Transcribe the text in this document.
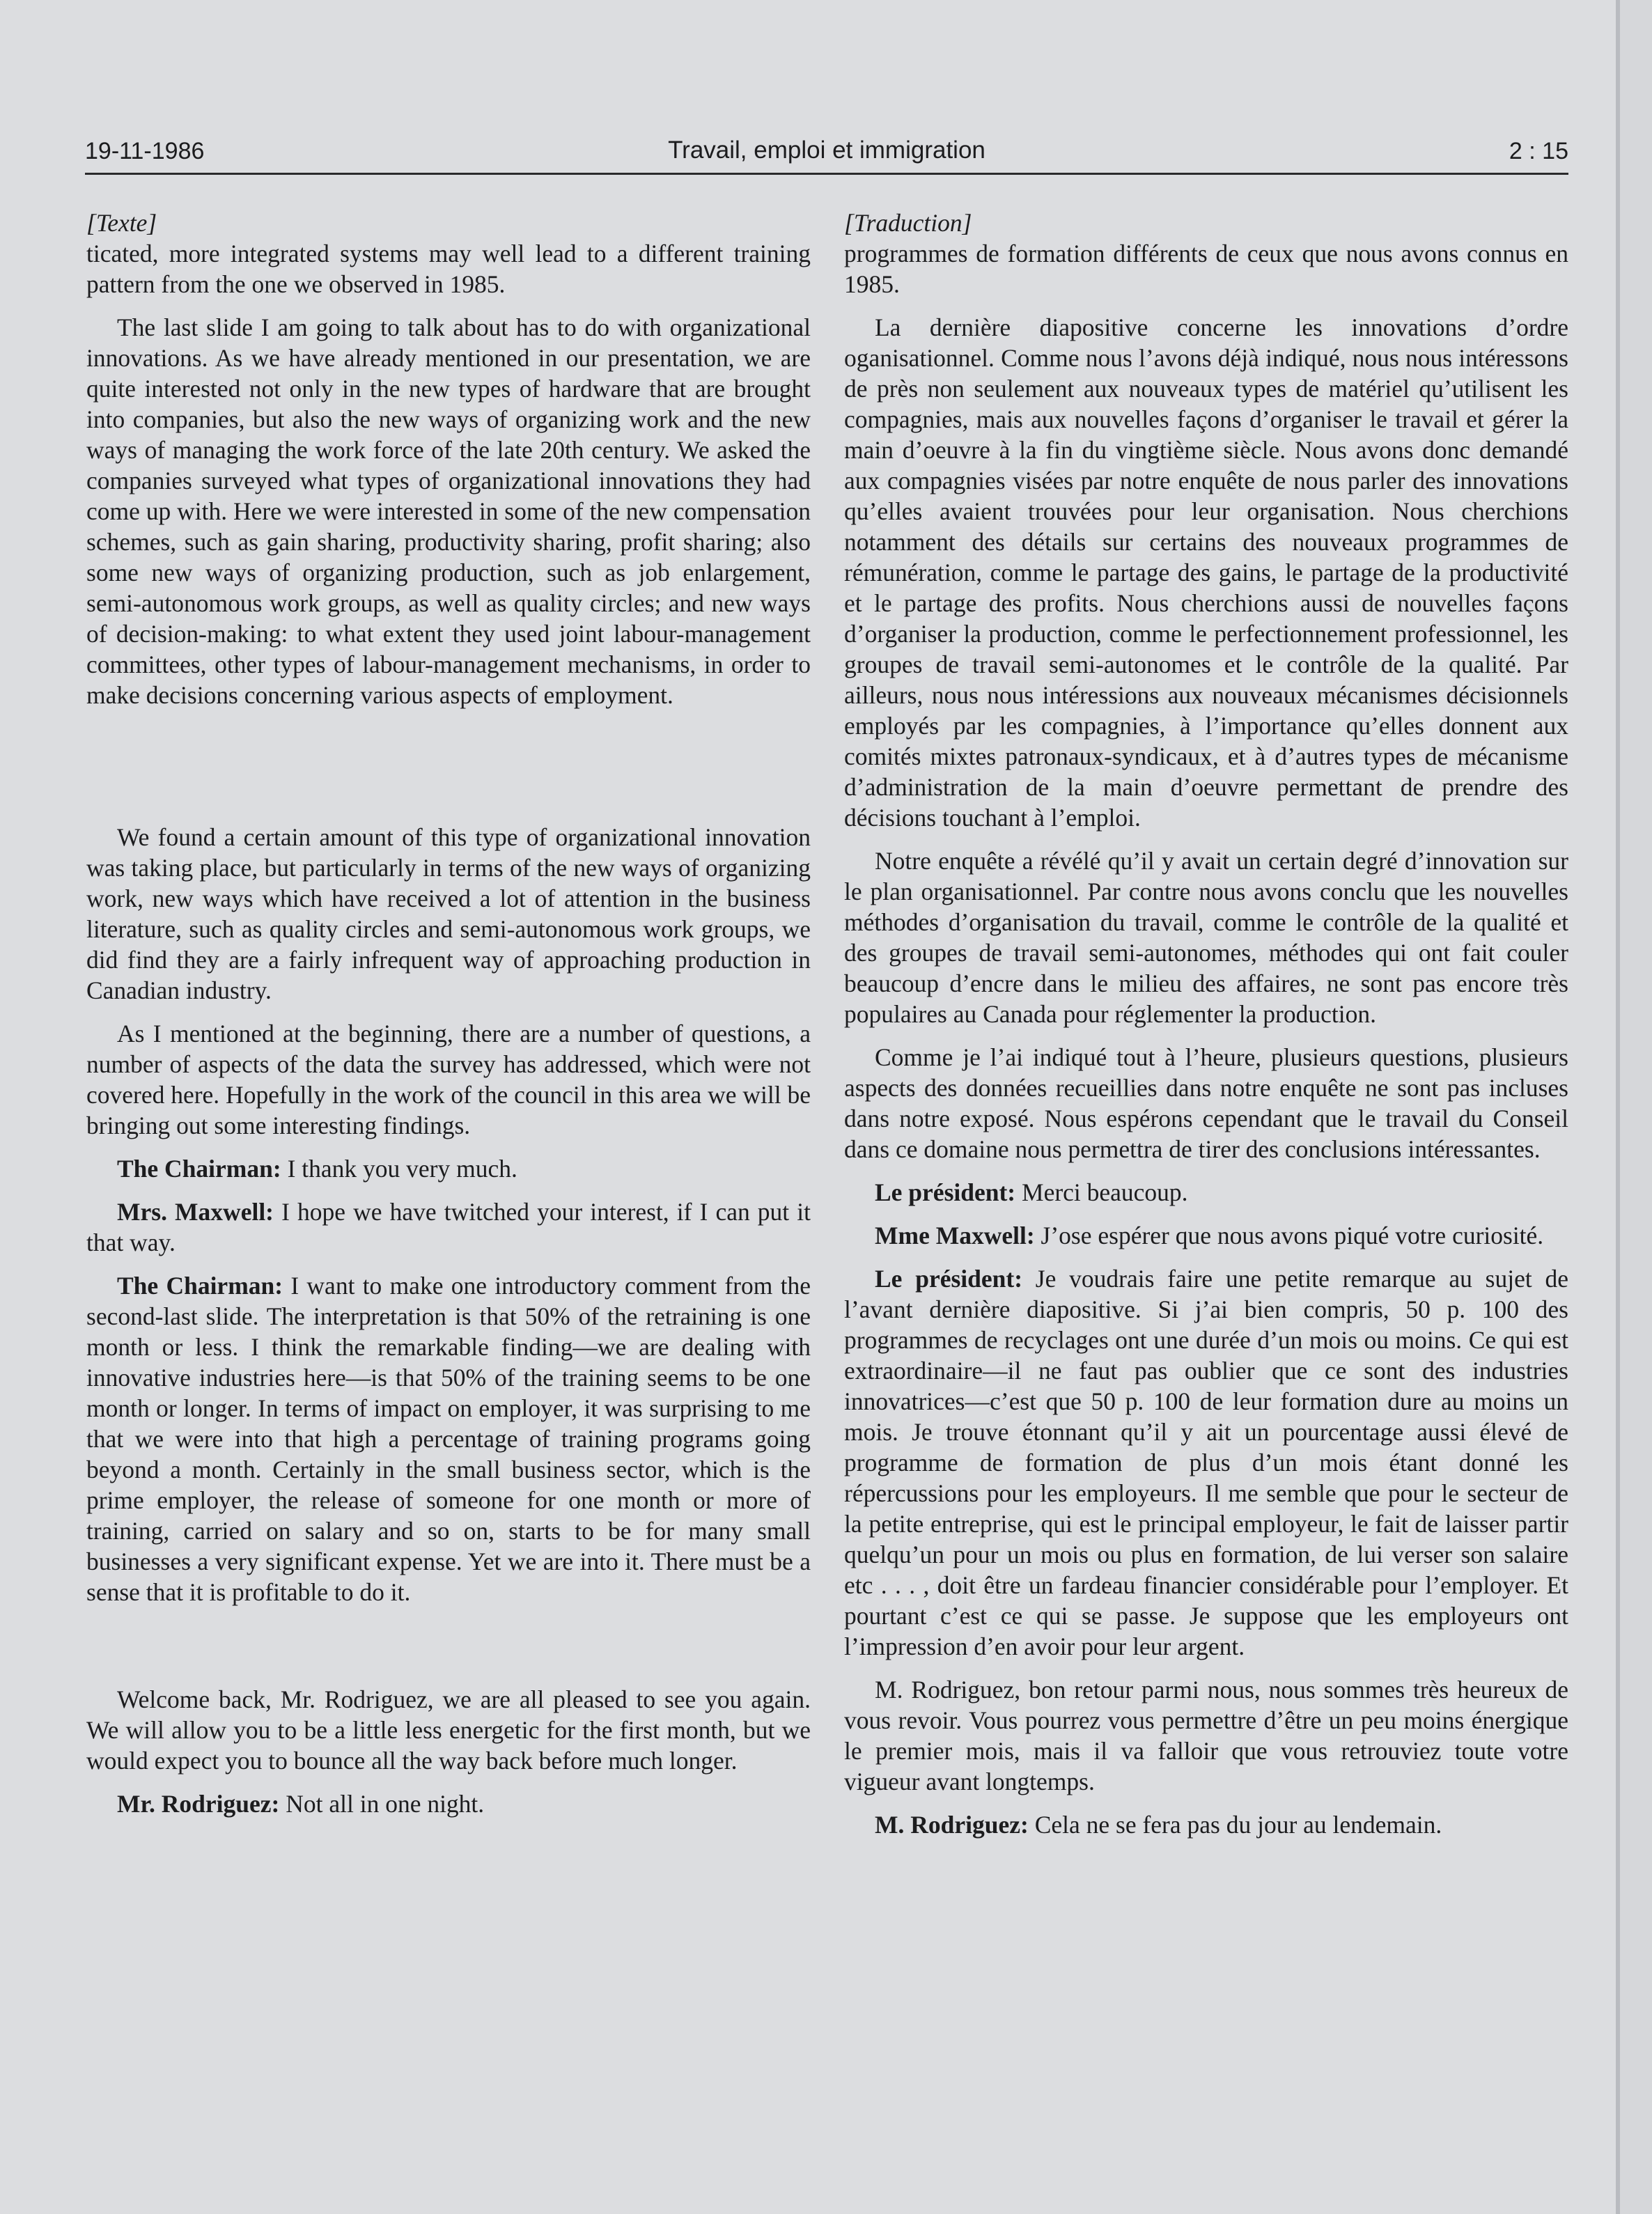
19-11-1986	Travail, emploi et immigration	2 : 15

[Texte]

ticated, more integrated systems may well lead to a different training pattern from the one we observed in 1985.

The last slide I am going to talk about has to do with organizational innovations. As we have already mentioned in our presentation, we are quite interested not only in the new types of hardware that are brought into companies, but also the new ways of organizing work and the new ways of managing the work force of the late 20th century. We asked the companies surveyed what types of organizational innovations they had come up with. Here we were interested in some of the new compensation schemes, such as gain sharing, productivity sharing, profit sharing; also some new ways of organizing production, such as job enlargement, semi-autonomous work groups, as well as quality circles; and new ways of decision-making: to what extent they used joint labour-management committees, other types of labour-management mechanisms, in order to make decisions concerning various aspects of employment.

We found a certain amount of this type of organizational innovation was taking place, but particularly in terms of the new ways of organizing work, new ways which have received a lot of attention in the business literature, such as quality circles and semi-autonomous work groups, we did find they are a fairly infrequent way of approaching production in Canadian industry.

As I mentioned at the beginning, there are a number of questions, a number of aspects of the data the survey has addressed, which were not covered here. Hopefully in the work of the council in this area we will be bringing out some interesting findings.

The Chairman: I thank you very much.

Mrs. Maxwell: I hope we have twitched your interest, if I can put it that way.

The Chairman: I want to make one introductory comment from the second-last slide. The interpretation is that 50% of the retraining is one month or less. I think the remarkable finding—we are dealing with innovative industries here—is that 50% of the training seems to be one month or longer. In terms of impact on employer, it was surprising to me that we were into that high a percentage of training programs going beyond a month. Certainly in the small business sector, which is the prime employer, the release of someone for one month or more of training, carried on salary and so on, starts to be for many small businesses a very significant expense. Yet we are into it. There must be a sense that it is profitable to do it.

Welcome back, Mr. Rodriguez, we are all pleased to see you again. We will allow you to be a little less energetic for the first month, but we would expect you to bounce all the way back before much longer.

Mr. Rodriguez: Not all in one night.

[Traduction]

programmes de formation différents de ceux que nous avons connus en 1985.

La dernière diapositive concerne les innovations d’ordre oganisationnel. Comme nous l’avons déjà indiqué, nous nous intéressons de près non seulement aux nouveaux types de matériel qu’utilisent les compagnies, mais aux nouvelles façons d’organiser le travail et gérer la main d’oeuvre à la fin du vingtième siècle. Nous avons donc demandé aux compagnies visées par notre enquête de nous parler des innovations qu’elles avaient trouvées pour leur organisation. Nous cherchions notamment des détails sur certains des nouveaux programmes de rémunération, comme le partage des gains, le partage de la productivité et le partage des profits. Nous cherchions aussi de nouvelles façons d’organiser la production, comme le perfectionnement professionnel, les groupes de travail semi-autonomes et le contrôle de la qualité. Par ailleurs, nous nous intéressions aux nouveaux mécanismes décisionnels employés par les compagnies, à l’importance qu’elles donnent aux comités mixtes patronaux-syndicaux, et à d’autres types de mécanisme d’administration de la main d’oeuvre permettant de prendre des décisions touchant à l’emploi.

Notre enquête a révélé qu’il y avait un certain degré d’innovation sur le plan organisationnel. Par contre nous avons conclu que les nouvelles méthodes d’organisation du travail, comme le contrôle de la qualité et des groupes de travail semi-autonomes, méthodes qui ont fait couler beaucoup d’encre dans le milieu des affaires, ne sont pas encore très populaires au Canada pour réglementer la production.

Comme je l’ai indiqué tout à l’heure, plusieurs questions, plusieurs aspects des données recueillies dans notre enquête ne sont pas incluses dans notre exposé. Nous espérons cependant que le travail du Conseil dans ce domaine nous permettra de tirer des conclusions intéressantes.

Le président: Merci beaucoup.

Mme Maxwell: J’ose espérer que nous avons piqué votre curiosité.

Le président: Je voudrais faire une petite remarque au sujet de l’avant dernière diapositive. Si j’ai bien compris, 50 p. 100 des programmes de recyclages ont une durée d’un mois ou moins. Ce qui est extraordinaire—il ne faut pas oublier que ce sont des industries innovatrices—c’est que 50 p. 100 de leur formation dure au moins un mois. Je trouve étonnant qu’il y ait un pourcentage aussi élevé de programme de formation de plus d’un mois étant donné les répercussions pour les employeurs. Il me semble que pour le secteur de la petite entreprise, qui est le principal employeur, le fait de laisser partir quelqu’un pour un mois ou plus en formation, de lui verser son salaire etc . . . , doit être un fardeau financier considérable pour l’employer. Et pourtant c’est ce qui se passe. Je suppose que les employeurs ont l’impression d’en avoir pour leur argent.

M. Rodriguez, bon retour parmi nous, nous sommes très heureux de vous revoir. Vous pourrez vous permettre d’être un peu moins énergique le premier mois, mais il va falloir que vous retrouviez toute votre vigueur avant longtemps.

M. Rodriguez: Cela ne se fera pas du jour au lendemain.
